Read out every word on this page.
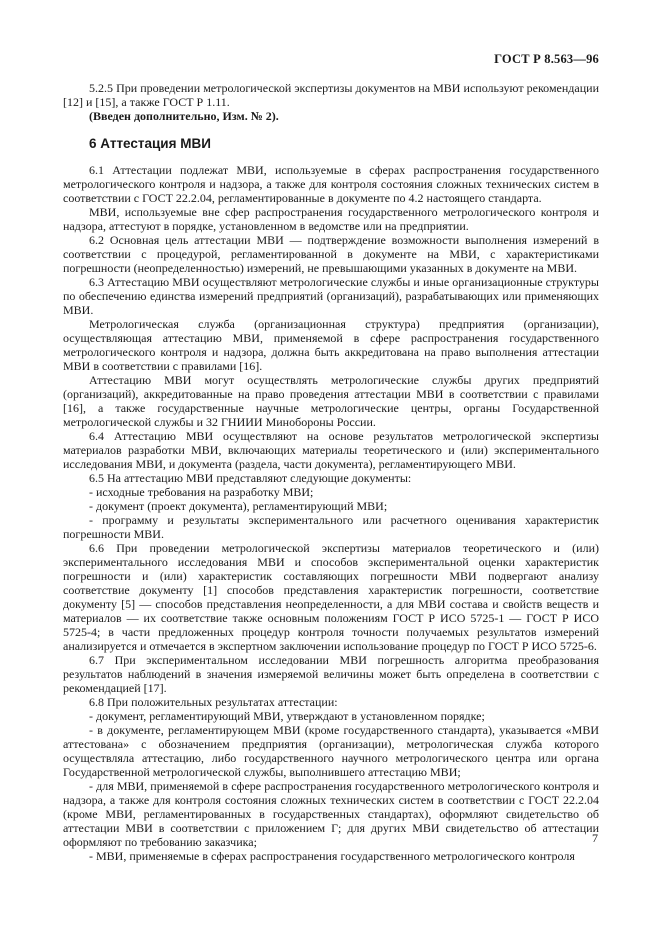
ГОСТ Р 8.563—96

5.2.5 При проведении метрологической экспертизы документов на МВИ используют рекомендации [12] и [15], а также ГОСТ Р 1.11.

(Введен дополнительно, Изм. № 2).

6 Аттестация МВИ

6.1 Аттестации подлежат МВИ, используемые в сферах распространения государственного метрологического контроля и надзора, а также для контроля состояния сложных технических систем в соответствии с ГОСТ 22.2.04, регламентированные в документе по 4.2 настоящего стандарта.

МВИ, используемые вне сфер распространения государственного метрологического контроля и надзора, аттестуют в порядке, установленном в ведомстве или на предприятии.

6.2 Основная цель аттестации МВИ — подтверждение возможности выполнения измерений в соответствии с процедурой, регламентированной в документе на МВИ, с характеристиками погрешности (неопределенностью) измерений, не превышающими указанных в документе на МВИ.

6.3 Аттестацию МВИ осуществляют метрологические службы и иные организационные структуры по обеспечению единства измерений предприятий (организаций), разрабатывающих или применяющих МВИ.

Метрологическая служба (организационная структура) предприятия (организации), осуществляющая аттестацию МВИ, применяемой в сфере распространения государственного метрологического контроля и надзора, должна быть аккредитована на право выполнения аттестации МВИ в соответствии с правилами [16].

Аттестацию МВИ могут осуществлять метрологические службы других предприятий (организаций), аккредитованные на право проведения аттестации МВИ в соответствии с правилами [16], а также государственные научные метрологические центры, органы Государственной метрологической службы и 32 ГНИИИ Минобороны России.

6.4 Аттестацию МВИ осуществляют на основе результатов метрологической экспертизы материалов разработки МВИ, включающих материалы теоретического и (или) экспериментального исследования МВИ, и документа (раздела, части документа), регламентирующего МВИ.

6.5 На аттестацию МВИ представляют следующие документы:

- исходные требования на разработку МВИ;

- документ (проект документа), регламентирующий МВИ;

- программу и результаты экспериментального или расчетного оценивания характеристик погрешности МВИ.

6.6 При проведении метрологической экспертизы материалов теоретического и (или) экспериментального исследования МВИ и способов экспериментальной оценки характеристик погрешности и (или) характеристик составляющих погрешности МВИ подвергают анализу соответствие документу [1] способов представления характеристик погрешности, соответствие документу [5] — способов представления неопределенности, а для МВИ состава и свойств веществ и материалов — их соответствие также основным положениям ГОСТ Р ИСО 5725-1 — ГОСТ Р ИСО 5725-4; в части предложенных процедур контроля точности получаемых результатов измерений анализируется и отмечается в экспертном заключении использование процедур по ГОСТ Р ИСО 5725-6.

6.7 При экспериментальном исследовании МВИ погрешность алгоритма преобразования результатов наблюдений в значения измеряемой величины может быть определена в соответствии с рекомендацией [17].

6.8 При положительных результатах аттестации:

- документ, регламентирующий МВИ, утверждают в установленном порядке;

- в документе, регламентирующем МВИ (кроме государственного стандарта), указывается «МВИ аттестована» с обозначением предприятия (организации), метрологическая служба которого осуществляла аттестацию, либо государственного научного метрологического центра или органа Государственной метрологической службы, выполнившего аттестацию МВИ;

- для МВИ, применяемой в сфере распространения государственного метрологического контроля и надзора, а также для контроля состояния сложных технических систем в соответствии с ГОСТ 22.2.04 (кроме МВИ, регламентированных в государственных стандартах), оформляют свидетельство об аттестации МВИ в соответствии с приложением Г; для других МВИ свидетельство об аттестации оформляют по требованию заказчика;

- МВИ, применяемые в сферах распространения государственного метрологического контроля

7
